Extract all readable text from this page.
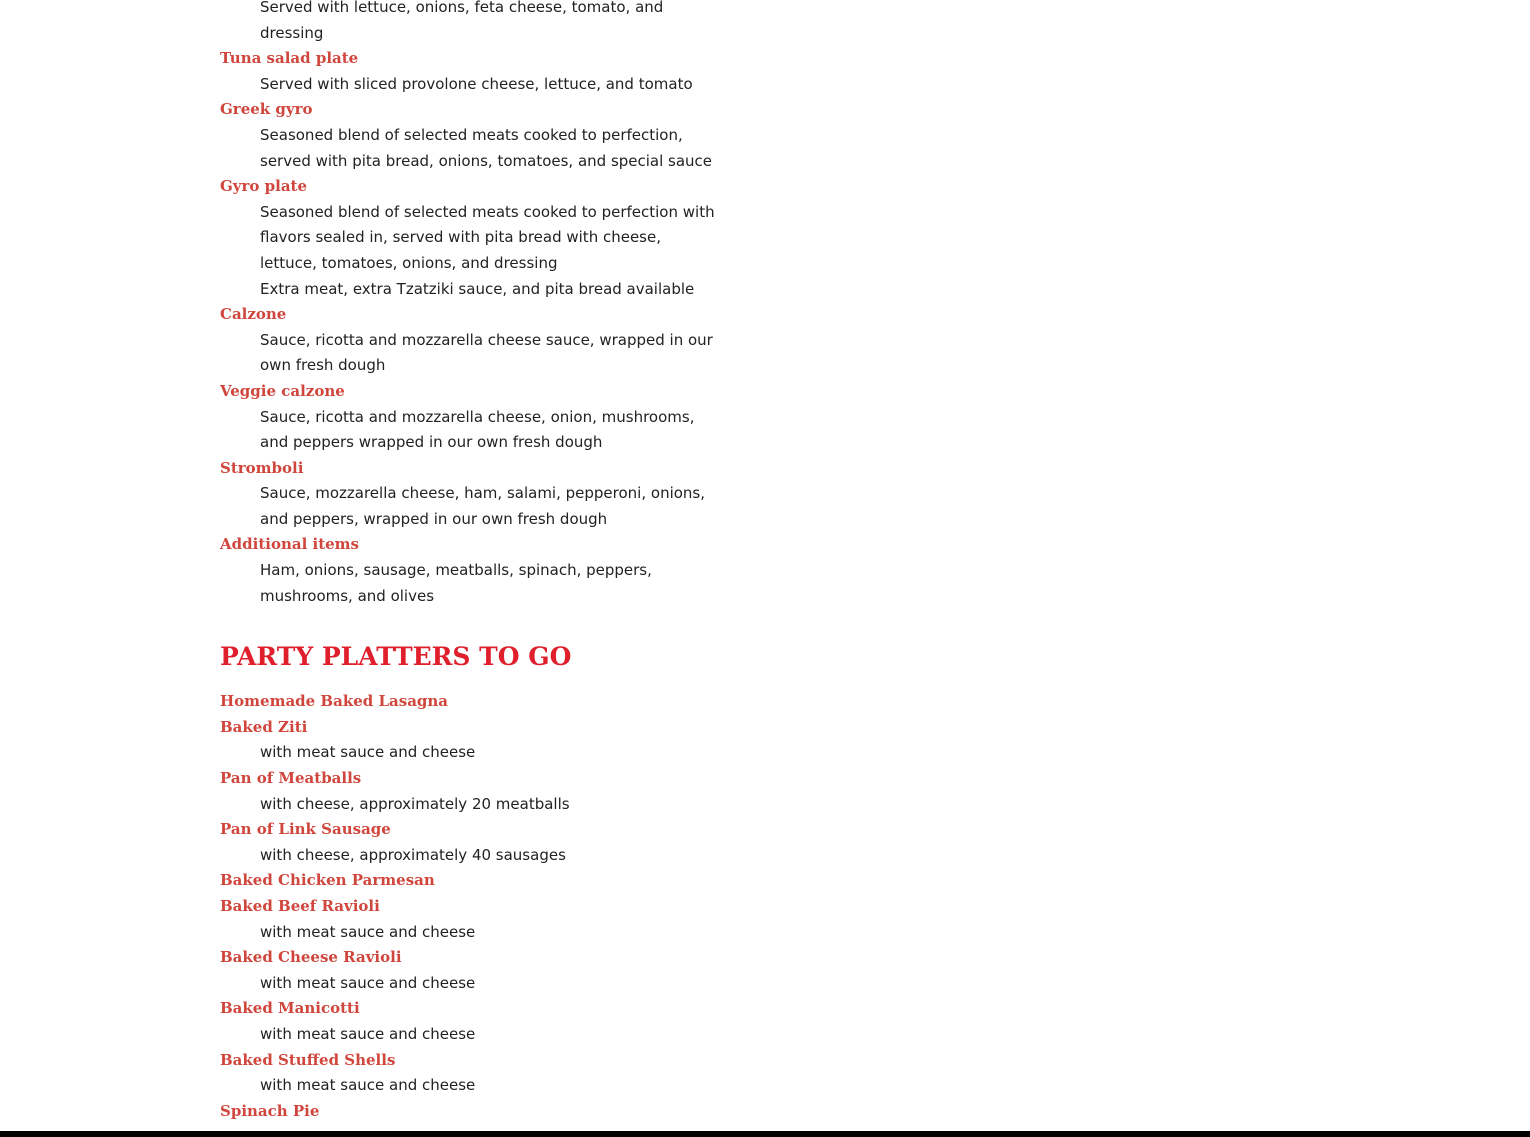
Served with lettuce, onions, feta cheese, tomato, and
dressing
Tuna salad plate
Served with sliced provolone cheese, lettuce, and tomato
Greek gyro
Seasoned blend of selected meats cooked to perfection,
served with pita bread, onions, tomatoes, and special sauce
Gyro plate
Seasoned blend of selected meats cooked to perfection with
flavors sealed in, served with pita bread with cheese,
lettuce, tomatoes, onions, and dressing
Extra meat, extra Tzatziki sauce, and pita bread available
Calzone
Sauce, ricotta and mozzarella cheese sauce, wrapped in our
own fresh dough
Veggie calzone
Sauce, ricotta and mozzarella cheese, onion, mushrooms,
and peppers wrapped in our own fresh dough
Stromboli
Sauce, mozzarella cheese, ham, salami, pepperoni, onions,
and peppers, wrapped in our own fresh dough
Additional items
Ham, onions, sausage, meatballs, spinach, peppers,
mushrooms, and olives
PARTY PLATTERS TO GO
Homemade Baked Lasagna
Baked Ziti
with meat sauce and cheese
Pan of Meatballs
with cheese, approximately 20 meatballs
Pan of Link Sausage
with cheese, approximately 40 sausages
Baked Chicken Parmesan
Baked Beef Ravioli
with meat sauce and cheese
Baked Cheese Ravioli
with meat sauce and cheese
Baked Manicotti
with meat sauce and cheese
Baked Stuffed Shells
with meat sauce and cheese
Spinach Pie
